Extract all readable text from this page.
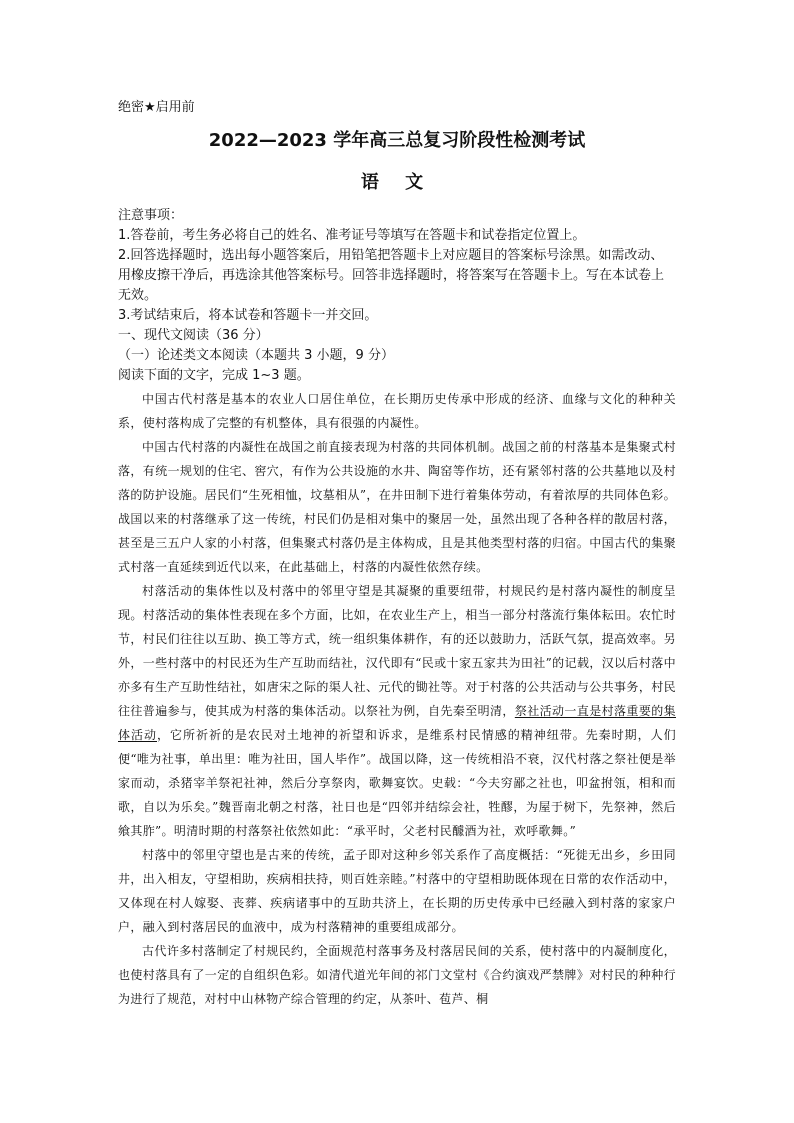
绝密★启用前
2022—2023 学年高三总复习阶段性检测考试
语 文

注意事项：

1.答卷前，考生务必将自己的姓名、准考证号等填写在答题卡和试卷指定位置上。

2.回答选择题时，选出每小题答案后，用铅笔把答题卡上对应题目的答案标号涂黑。如需改动、用橡皮擦干净后，再选涂其他答案标号。回答非选择题时，将答案写在答题卡上。写在本试卷上无效。

3.考试结束后，将本试卷和答题卡一并交回。

一、现代文阅读（36 分）

（一）论述类文本阅读（本题共 3 小题，9 分）

阅读下面的文字，完成 1~3 题。

中国古代村落是基本的农业人口居住单位，在长期历史传承中形成的经济、血缘与文化的种种关系，使村落构成了完整的有机整体，具有很强的内凝性。

中国古代村落的内凝性在战国之前直接表现为村落的共同体机制。战国之前的村落基本是集聚式村落，有统一规划的住宅、窖穴，有作为公共设施的水井、陶窑等作坊，还有紧邻村落的公共墓地以及村落的防护设施。居民们“生死相恤，坟墓相从”，在井田制下进行着集体劳动，有着浓厚的共同体色彩。战国以来的村落继承了这一传统，村民们仍是相对集中的聚居一处，虽然出现了各种各样的散居村落，甚至是三五户人家的小村落，但集聚式村落仍是主体构成，且是其他类型村落的归宿。中国古代的集聚式村落一直延续到近代以来，在此基础上，村落的内凝性依然存续。

村落活动的集体性以及村落中的邻里守望是其凝聚的重要纽带，村规民约是村落内凝性的制度呈现。村落活动的集体性表现在多个方面，比如，在农业生产上，相当一部分村落流行集体耘田。农忙时节，村民们往往以互助、换工等方式，统一组织集体耕作，有的还以鼓助力，活跃气氛，提高效率。另外，一些村落中的村民还为生产互助而结社，汉代即有“民或十家五家共为田社”的记载，汉以后村落中亦多有生产互助性结社，如唐宋之际的渠人社、元代的锄社等。对于村落的公共活动与公共事务，村民往往普遍参与，使其成为村落的集体活动。以祭社为例，自先秦至明清，祭社活动一直是村落重要的集体活动，它所祈祈的是农民对土地神的祈望和诉求，是维系村民情感的精神纽带。先秦时期，人们便“唯为社事，单出里：唯为社田，国人毕作”。战国以降，这一传统相沿不衰，汉代村落之祭社便是举家而动，杀猪宰羊祭祀社神，然后分享祭肉，歌舞宴饮。史载：“今夫穷鄙之社也，叩盆拊瓴，相和而歌，自以为乐矣。”魏晋南北朝之村落，社日也是“四邻并结综会社，牲醪，为屋于树下，先祭神，然后飨其胙”。明清时期的村落祭社依然如此：“承平时，父老村民醵酒为社，欢呼歌舞。”

村落中的邻里守望也是古来的传统，孟子即对这种乡邻关系作了高度概括：“死徙无出乡，乡田同井，出入相友，守望相助，疾病相扶持，则百姓亲睦。”村落中的守望相助既体现在日常的农作活动中，又体现在村人嫁娶、丧葬、疾病诸事中的互助共济上，在长期的历史传承中已经融入到村落的家家户户，融入到村落居民的血液中，成为村落精神的重要组成部分。

古代许多村落制定了村规民约，全面规范村落事务及村落居民间的关系，使村落中的内凝制度化，也使村落具有了一定的自组织色彩。如清代道光年间的祁门文堂村《合约演戏严禁牌》对村民的种种行为进行了规范，对村中山林物产综合管理的约定，从茶叶、苞芦、桐
